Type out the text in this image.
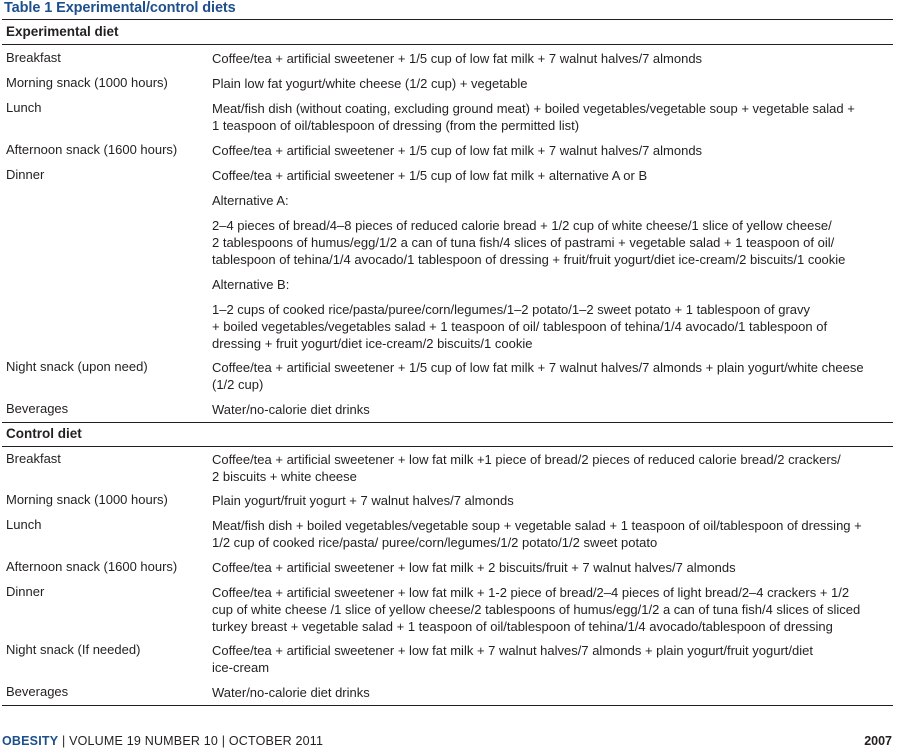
Table 1 Experimental/control diets
Experimental diet
Breakfast	Coffee/tea + artificial sweetener + 1/5 cup of low fat milk + 7 walnut halves/7 almonds
Morning snack (1000 hours)	Plain low fat yogurt/white cheese (1/2 cup) + vegetable
Lunch	Meat/fish dish (without coating, excluding ground meat) + boiled vegetables/vegetable soup + vegetable salad +
1 teaspoon of oil/tablespoon of dressing (from the permitted list)
Afternoon snack (1600 hours)	Coffee/tea + artificial sweetener + 1/5 cup of low fat milk + 7 walnut halves/7 almonds
Dinner	Coffee/tea + artificial sweetener + 1/5 cup of low fat milk + alternative A or B
Alternative A:
2–4 pieces of bread/4–8 pieces of reduced calorie bread + 1/2 cup of white cheese/1 slice of yellow cheese/
2 tablespoons of humus/egg/1/2 a can of tuna fish/4 slices of pastrami + vegetable salad + 1 teaspoon of oil/
tablespoon of tehina/1/4 avocado/1 tablespoon of dressing + fruit/fruit yogurt/diet ice-cream/2 biscuits/1 cookie
Alternative B:
1–2 cups of cooked rice/pasta/puree/corn/legumes/1–2 potato/1–2 sweet potato + 1 tablespoon of gravy
+ boiled vegetables/vegetables salad + 1 teaspoon of oil/ tablespoon of tehina/1/4 avocado/1 tablespoon of
dressing + fruit yogurt/diet ice-cream/2 biscuits/1 cookie
Night snack (upon need)	Coffee/tea + artificial sweetener + 1/5 cup of low fat milk + 7 walnut halves/7 almonds + plain yogurt/white cheese
(1/2 cup)
Beverages	Water/no-calorie diet drinks
Control diet
Breakfast	Coffee/tea + artificial sweetener + low fat milk +1 piece of bread/2 pieces of reduced calorie bread/2 crackers/
2 biscuits + white cheese
Morning snack (1000 hours)	Plain yogurt/fruit yogurt + 7 walnut halves/7 almonds
Lunch	Meat/fish dish + boiled vegetables/vegetable soup + vegetable salad + 1 teaspoon of oil/tablespoon of dressing +
1/2 cup of cooked rice/pasta/ puree/corn/legumes/1/2 potato/1/2 sweet potato
Afternoon snack (1600 hours)	Coffee/tea + artificial sweetener + low fat milk + 2 biscuits/fruit + 7 walnut halves/7 almonds
Dinner	Coffee/tea + artificial sweetener + low fat milk + 1-2 piece of bread/2–4 pieces of light bread/2–4 crackers + 1/2
cup of white cheese /1 slice of yellow cheese/2 tablespoons of humus/egg/1/2 a can of tuna fish/4 slices of sliced
turkey breast + vegetable salad + 1 teaspoon of oil/tablespoon of tehina/1/4 avocado/tablespoon of dressing
Night snack (If needed)	Coffee/tea + artificial sweetener + low fat milk + 7 walnut halves/7 almonds + plain yogurt/fruit yogurt/diet
ice-cream
Beverages	Water/no-calorie diet drinks
OBESITY | VOLUME 19 NUMBER 10 | OCTOBER 2011	2007
